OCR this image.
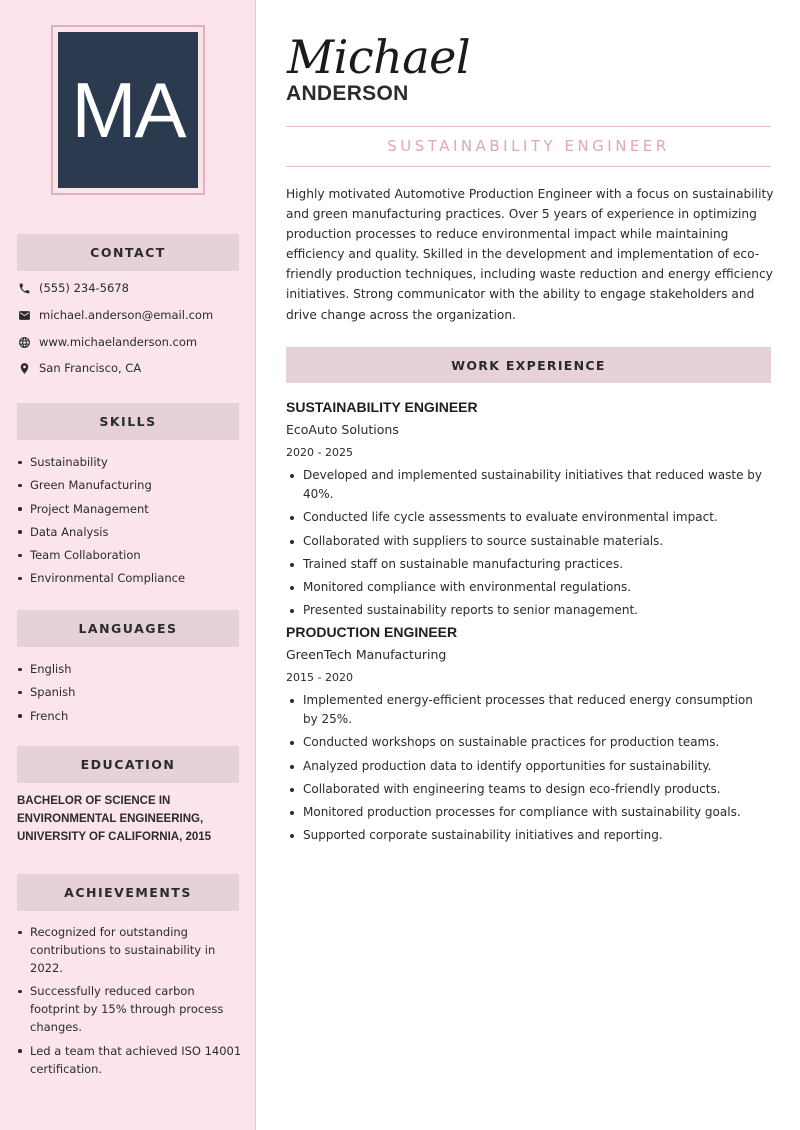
MA
CONTACT
(555) 234-5678
michael.anderson@email.com
www.michaelanderson.com
San Francisco, CA
SKILLS
Sustainability
Green Manufacturing
Project Management
Data Analysis
Team Collaboration
Environmental Compliance
LANGUAGES
English
Spanish
French
EDUCATION
BACHELOR OF SCIENCE IN ENVIRONMENTAL ENGINEERING, UNIVERSITY OF CALIFORNIA, 2015
ACHIEVEMENTS
Recognized for outstanding contributions to sustainability in 2022.
Successfully reduced carbon footprint by 15% through process changes.
Led a team that achieved ISO 14001 certification.
Michael
ANDERSON
SUSTAINABILITY ENGINEER

Highly motivated Automotive Production Engineer with a focus on sustainability and green manufacturing practices. Over 5 years of experience in optimizing production processes to reduce environmental impact while maintaining efficiency and quality. Skilled in the development and implementation of eco-friendly production techniques, including waste reduction and energy efficiency initiatives. Strong communicator with the ability to engage stakeholders and drive change across the organization.

WORK EXPERIENCE
SUSTAINABILITY ENGINEER
EcoAuto Solutions
2020 - 2025
Developed and implemented sustainability initiatives that reduced waste by 40%.
Conducted life cycle assessments to evaluate environmental impact.
Collaborated with suppliers to source sustainable materials.
Trained staff on sustainable manufacturing practices.
Monitored compliance with environmental regulations.
Presented sustainability reports to senior management.
PRODUCTION ENGINEER
GreenTech Manufacturing
2015 - 2020
Implemented energy-efficient processes that reduced energy consumption by 25%.
Conducted workshops on sustainable practices for production teams.
Analyzed production data to identify opportunities for sustainability.
Collaborated with engineering teams to design eco-friendly products.
Monitored production processes for compliance with sustainability goals.
Supported corporate sustainability initiatives and reporting.
